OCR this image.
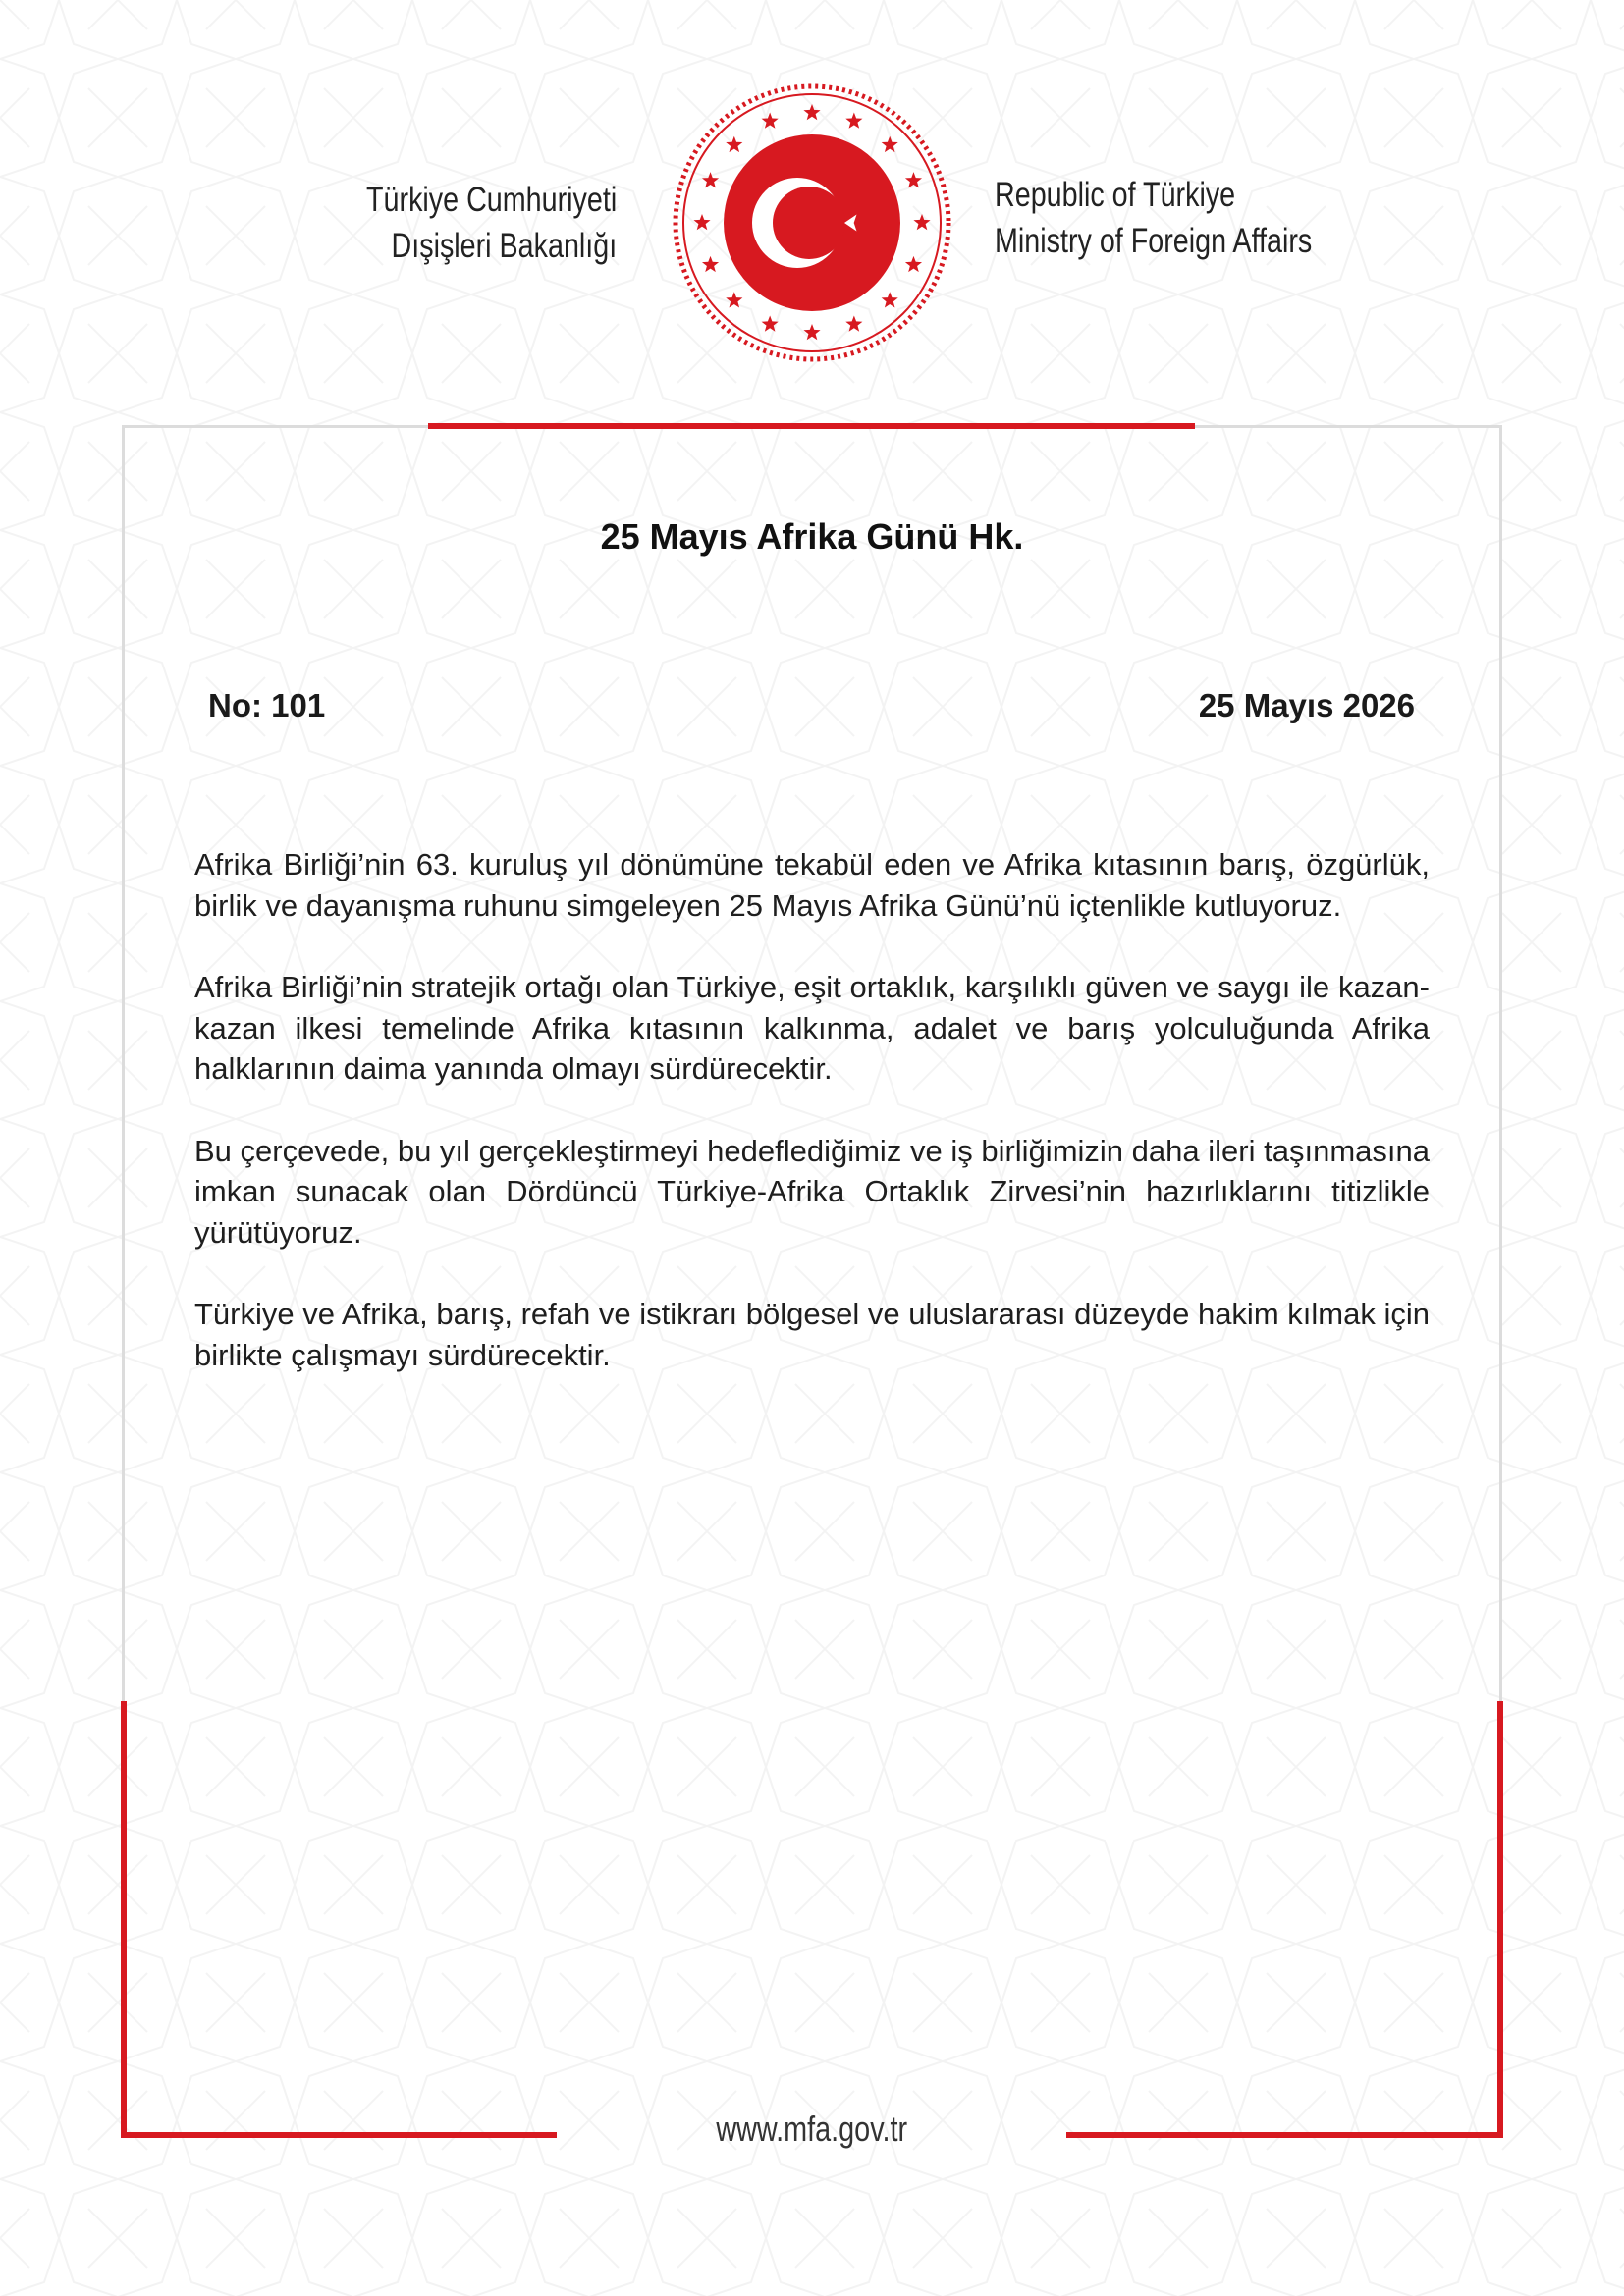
Türkiye Cumhuriyeti
Dışişleri Bakanlığı
Republic of Türkiye
Ministry of Foreign Affairs
25 Mayıs Afrika Günü Hk.
No: 101	25 Mayıs 2026

Afrika Birliği’nin 63. kuruluş yıl dönümüne tekabül eden ve Afrika kıtasının barış, özgürlük, birlik ve dayanışma ruhunu simgeleyen 25 Mayıs Afrika Günü’nü içtenlikle kutluyoruz.

Afrika Birliği’nin stratejik ortağı olan Türkiye, eşit ortaklık, karşılıklı güven ve saygı ile kazan-kazan ilkesi temelinde Afrika kıtasının kalkınma, adalet ve barış yolculuğunda Afrika halklarının daima yanında olmayı sürdürecektir.

Bu çerçevede, bu yıl gerçekleştirmeyi hedeflediğimiz ve iş birliğimizin daha ileri taşınmasına imkan sunacak olan Dördüncü Türkiye-Afrika Ortaklık Zirvesi’nin hazırlıklarını titizlikle yürütüyoruz.

Türkiye ve Afrika, barış, refah ve istikrarı bölgesel ve uluslararası düzeyde hakim kılmak için birlikte çalışmayı sürdürecektir.

www.mfa.gov.tr
